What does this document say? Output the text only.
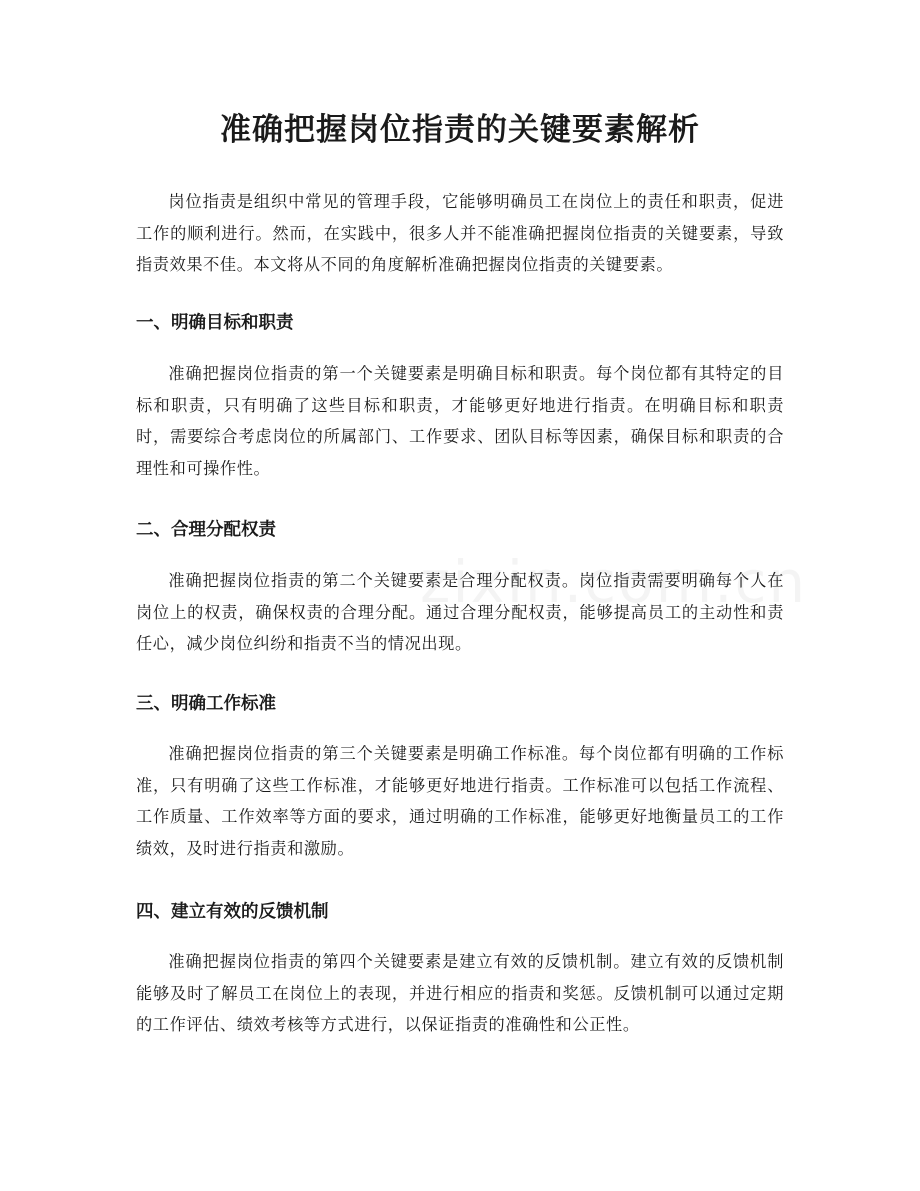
准确把握岗位指责的关键要素解析

岗位指责是组织中常见的管理手段，它能够明确员工在岗位上的责任和职责，促进工作的顺利进行。然而，在实践中，很多人并不能准确把握岗位指责的关键要素，导致指责效果不佳。本文将从不同的角度解析准确把握岗位指责的关键要素。

一、明确目标和职责

准确把握岗位指责的第一个关键要素是明确目标和职责。每个岗位都有其特定的目标和职责，只有明确了这些目标和职责，才能够更好地进行指责。在明确目标和职责时，需要综合考虑岗位的所属部门、工作要求、团队目标等因素，确保目标和职责的合理性和可操作性。

二、合理分配权责

准确把握岗位指责的第二个关键要素是合理分配权责。岗位指责需要明确每个人在岗位上的权责，确保权责的合理分配。通过合理分配权责，能够提高员工的主动性和责任心，减少岗位纠纷和指责不当的情况出现。

三、明确工作标准

准确把握岗位指责的第三个关键要素是明确工作标准。每个岗位都有明确的工作标准，只有明确了这些工作标准，才能够更好地进行指责。工作标准可以包括工作流程、工作质量、工作效率等方面的要求，通过明确的工作标准，能够更好地衡量员工的工作绩效，及时进行指责和激励。

四、建立有效的反馈机制

准确把握岗位指责的第四个关键要素是建立有效的反馈机制。建立有效的反馈机制能够及时了解员工在岗位上的表现，并进行相应的指责和奖惩。反馈机制可以通过定期的工作评估、绩效考核等方式进行，以保证指责的准确性和公正性。
